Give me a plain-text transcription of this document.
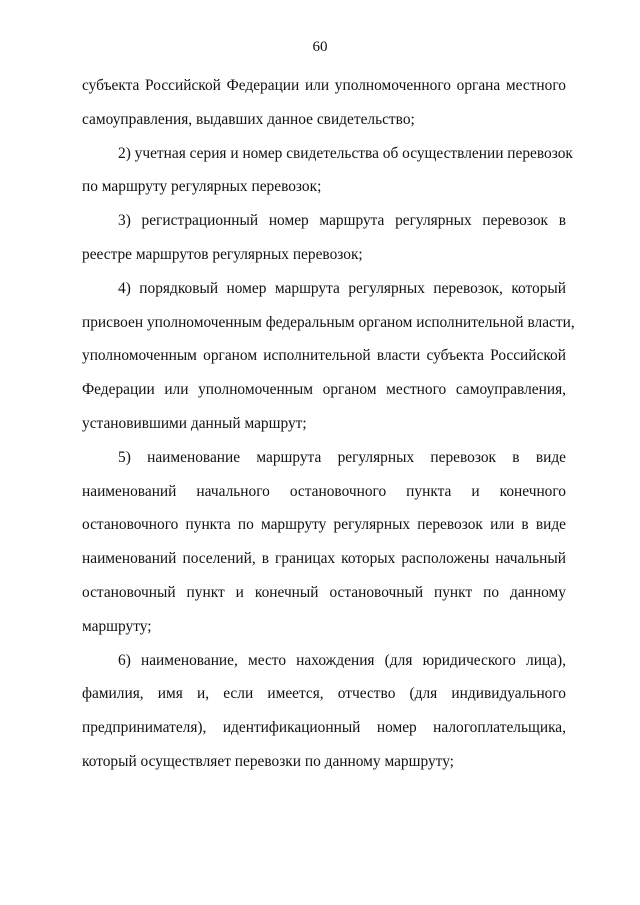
60

субъекта Российской Федерации или уполномоченного органа местного
самоуправления, выдавших данное свидетельство;

2) учетная серия и номер свидетельства об осуществлении перевозок
по маршруту регулярных перевозок;

3) регистрационный номер маршрута регулярных перевозок в
реестре маршрутов регулярных перевозок;

4) порядковый номер маршрута регулярных перевозок, который
присвоен уполномоченным федеральным органом исполнительной власти,
уполномоченным органом исполнительной власти субъекта Российской
Федерации или уполномоченным органом местного самоуправления,
установившими данный маршрут;

5) наименование маршрута регулярных перевозок в виде
наименований начального остановочного пункта и конечного
остановочного пункта по маршруту регулярных перевозок или в виде
наименований поселений, в границах которых расположены начальный
остановочный пункт и конечный остановочный пункт по данному
маршруту;

6) наименование, место нахождения (для юридического лица),
фамилия, имя и, если имеется, отчество (для индивидуального
предпринимателя), идентификационный номер налогоплательщика,
который осуществляет перевозки по данному маршруту;
